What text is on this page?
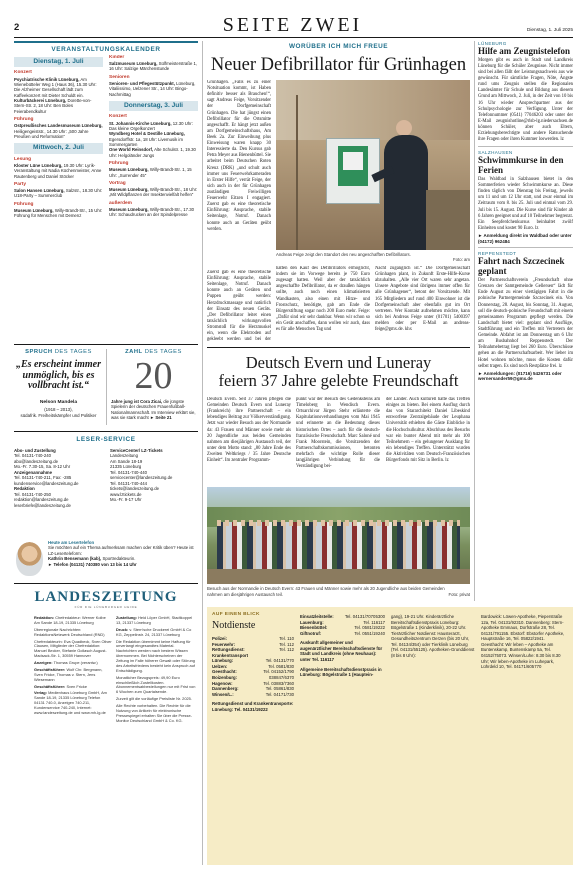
2	SEITE ZWEI	Dienstag, 1. Juli 2025
VERANSTALTUNGSKALENDER
Dienstag, 1. Juli
Konzert
Psychiatrische Klinik Lüneburg, Am Wienebütteler Weg 1 (Haus 36), 15.30 Uhr: Die Alzheimer Gesellschaft lädt zum Kaffeekonzert mit Dieter Schuldt ein.
Kulturbäckerei Lüneburg, Dorette-von-Stern-Str. 2, 18 Uhr: Ben Boles Feierabendkultur
Führung
Ostpreußisches Landesmuseum Lüneburg, Heiligengeiststr., 14.30 Uhr: „500 Jahre Preußen und Reformation“
Mittwoch, 2. Juli
Lesung
Kloster Lüne Lüneburg, 19.30 Uhr: Lyrik-Veranstaltung mit Nadia Küchenmeister, Anne Rautenberg und Daniel Stöcker
Party
Salon Hansen Lüneburg, Salzstr., 18.30 Uhr: U18-Party – Summerclub
Führung
Museum Lüneburg, Willy-Brandt-Str., 15 Uhr: Führung für Menschen mit Demenz
Kinder
Salzmuseum Lüneburg, Sülfmeisterstraße 1, 16 Uhr: Salzige Märchenstunde
Senioren
Senioren- und Pflegestützpunkt, Lüneburg, Vitaliissimo, Uelzener Str., 14 Uhr: Bingo-Nachmittag
Donnerstag, 3. Juli
Konzert
St. Johannis-Kirche Lüneburg, 12.30 Uhr: Das kleine Orgelkonzert
Wyndberg Hotel & Destille Lüneburg, Egersdorffstr. 1a, 18 Uhr: Livemusik im Sommergarten
One World Reinsdorf, Alte Schulstr. 1, 19.30 Uhr: Helgoländer Jungs
Führung
Museum Lüneburg, Willy-Brandt-Str. 1, 15 Uhr: „Surrender 45“
Vortrag
Museum Lüneburg, Willy-Brandt-Str., 18 Uhr: „Mit Wildpflanzen der Insektenvielfalt helfen“
außerdem
Museum Lüneburg, Willy-Brandt-Str., 17.30 Uhr: Schaudrucken an der Spindelpresse
SPRUCH DES TAGES
„Es erscheint immer unmöglich, bis es vollbracht ist.“
Nelson Mandela
(1918 – 2013),
südafrik. Freiheitskämpfer und Politiker
ZAHL DES TAGES
20
Jahre jung ist Cora Zicai, die jüngste Spielerin der deutschen Frauenfußball-Nationalmannschaft. Im Interview erklärt sie, was sie stark macht ► Seite 21
LESER-SERVICE
Abo- und Zustellung
Tel. 04131-740-240
abo@landeszeitung.de
Mo.-Fr. 7.30-15, Sa. 8-12 Uhr
Anzeigenannahme
Tel. 04131-740-211, Fax: -285
kundenservice@landeszeitung.de
Redaktion
Tel. 04131-740-250
redaktion@landeszeitung.de
leserbriefe@landeszeitung.de
ServiceCenter/ LZ-Tickets
Landeszeitung
Am Sande 18-19
21335 Lüneburg
Tel. 04131-740-440
servicecenter@landeszeitung.de
Tel. 04131-740-444
tickets@landeszeitung.de
www.lztickets.de
Mo.-Fr. 9-17 Uhr
Heute am Lesertelefon
Sie möchten auf ein Thema aufmerksam machen oder Kritik üben? Heute ist LZ-Leserteleform:
Kathrin Bensemann (kab), Sportredakteurin.
► Telefon (04131) 740380 von 13 bis 14 Uhr
LANDESZEITUNG
FÜR DIE LÜNEBURGER HEIDE
Redaktion: Chefredakteur: Werner Kolbe Am Sande 18-19, 21335 Lüneburg
Überregionale Nachrichten: RedaktionsNetzwerk Deutschland (RND)
Chefredakteurin: Eva Quadbeck, Sven Oliver Clausen, Mitglieder der Chefredaktion: Manuel Becker, Stefanie Gollasch August-Madsack-Str. 1, 30559 Hannover
Anzeigen: Thomas Grupe (verantw.)
Geschäftsführer: Wolf Chr. Bergmann, Sven Fricke, Thomas v. Stern, Jens Wiesemann
Geschäftsführer: Sven Fricke
Verlag: Medienhaus Lüneburg GmbH, Am Sande 18-19, 21335 Lüneburg Telefon 04131 740-0, Anzeigen 740-211, Kundenservice 740-240, Internet: www.landeszeitung.de und www.mh-lg.de
Zustellung: Heid Löper GmbH, Stadtkoppel 13, 21337 Lüneburg
Druck: v. Stern'sche Druckerei GmbH & Co KG, Zeppelinstr. 24, 21337 Lüneburg
Die Redaktion übernimmt keine Haftung für unverlangt eingesandtes Material. Nachrichten werden nach bestem Wissen übernommen. Bei Nichterscheinen der Zeitung im Falle höherer Gewalt oder Störung des Arbeitsfriedens besteht kein Anspruch auf Entschädigung.
Monatlicher Bezugspreis: 49,90 Euro einschließlich Zustellkosten. Abonnementsabbestellungen nur mit Frist von 6 Wochen zum Quartalsende.
Zurzeit gilt die vorläufige Preisliste Nr. 2025.
Alle Rechte vorbehalten. Die Rechte für die Nutzung von Artikeln für elektronische Pressespiegel erhalten Sie über die Presse-Monitor Deutschland GmbH & Co. KG.
WORÜBER ICH MICH FREUE
Neuer Defibrillator für Grünhagen

Grünhagen. „Falls es zu einer Notsituation kommt, ist Haben definitiv besser als Brauchen!“, sagt Andreas Feige, Vorsitzender der Dorfgemeinschaft Grünhagen. Die hat jüngst einen Defibrillator für die Ortsmitte angeschafft. Er hängt jetzt außen am Dorfgemeinschaftshaus, Am Beek 2a. Zur Einweihung plus Einweisung waren knapp 30 Interessierte da. Den Kursus gab Petra Meyer aus Bienenbüttel. Sie arbeitet beim Deutschen Roten Kreuz (DRK) „und schult auch immer uns Feuerwehrkameraden in Erster Hilfe“, verrät Feige, der sich auch in der für Grünhagen zuständigen Freiwilligen Feuerwehr Eitzen I engagiert. Zuerst gab es eine theoretische Einführung: Ansprache, stabile Seitenlage, Notruf. Danach konnte auch an Geräten geübt werden.

Andreas Feige zeigt den Standort des neu angeschafften Defibrillators.
Foto: am

Zuerst gab es eine theoretische Einführung: Ansprache, stabile Seitenlage, Notruf. Danach konnte auch an Geräten und Puppen geübt werden: Herzdruckmassage und natürlich der Einsatz des neuen Geräts. „Der Defibrillator leitet einen tatsächlich wirkungsvollen Stromstoß für die Herzmuskel ein, wenn die Elektroden auf gekleebt werden und bei der

hatten den Kauf des Defibrillators ermöglicht, indem sie im Vorwege bereits je 750 Euro zugesagt hatten. Weil aber der tatsächlich angeschaffte Defibrillator, da er draußen hängen sollte, auch noch einen klimatisierten Wandkasten, also einen mit Hitze- und Frostschutz, benötigte, gab am Ende die Bürgerstiftung sogar noch 200 Euro mehr. Feige: „Dafür sind wir sehr dankbar. Wenn wir schon so ein Gerät anschaffen, dann wollen wir auch, dass es für alle Menschen Tag und

Nacht zugänglich ist.“ Die Dorfgemeinschaft Grünhagen plant, in Zukunft Erste-Hilfe-Kurse abzuhalten. „Alle vier Ort waren sehr angetan. Unsere Angebote sind übrigens immer offen für alle Grünhagener“, betont der Vorsitzende. Mit 165 Mitgliedern auf rund 400 Einwohner ist die Dorfgemeinschaft aber ebenfalls gut im Ort vertreten. Wer Kontakt aufnehmen möchte, kann sich bei Andreas Feige unter (01701) 5400397 melden oder per E-Mail an andreas-feige@gmx.de. khx

Deutsch Evern und Luneray
feiern 37 Jahre gelebte Freundschaft

Deutsch Evern. Seit 37 Jahren pflegen die Gemeinden Deutsch Evern und Luneray (Frankreich) ihre Partnerschaft – ein lebendiges Beitrag zur Völkerverständigung. Jetzt war wieder Besuch aus der Normandie da: 43 Frauen und Männer sowie mehr als 20 Jugendliche aus beiden Gemeinden nahmen am diesjährigen Austausch teil, der unter dem Motto stand: „80 Jahre Ende des Zweiten Weltkriegs / 35 Jahre Deutsche Einheit“. Im zentraler Programm-

punkt war der Besuch des Gedenksteins am Timeloberg in Wendisch Evern. Ortsarchivar Jürgen Stehr erläuterte die Kapitulationsverhandlungen vom Mai 1945 und erinnerte an die Bedeutung dieses historischen Ortes – auch für die deutsch-französische Freundschaft. Marc Saloné und Frank Moorstein, die Vorsitzenden der Partnerschaftskommissionen, betonten mehrfach die wichtige Rolle dieser langjährigen Verbindung für die Verständigung bei-

der Länder. Auch kulturell hatte das Treffen einiges zu bieten. Bei einem Ausflug durch das von Stararchitekt Daniel Libeskind entworfene Zentralgebäude der Leuphana Universität erhielten die Gäste Einblicke in die Hochschulkultur. Abschluss des Besuchs war ein bunter Abend mit mehr als 100 Teilnehmern – ein gelungener Ausklang für ein lebendiges Treffen. Unterstützt wurden die Aktivitäten vom Deutsch-Französischen Bürgerfonds mit Sitz in Berlin. lz

Besuch aus der Normandie in Deutsch Evern: 43 Frauen und Männer sowie mehr als 20 Jugendliche aus beiden Gemeinden nahmen am diesjährigen Austausch teil.	Foto: privat
LÜNEBURG
Hilfe am Zeugnistelefon
Morgen gibt es auch in Stadt und Landkreis Lüneburg für die Schüler Zeugnisse. Nicht immer sind bei allen fällt der Leistungsnachweis aus wie gewünscht. Für sämtliche Fragen, Nöte, Ängste rund ums Zeugnis stellen die Regionalen Landesämter für Schule und Bildung aus diesem Grund am Mittwoch, 2. Juli, in der Zeit von 10 bis 16 Uhr wieder Ansprechpartner aus der Schulpsychologie zur Verfügung. Unter der Telefonnummer (0541) 77046203 oder unter der E-Mail zeugnishotline@rlsb-lg.niedersachsen.de können Schüler, aber auch Eltern, Erziehungsberechtigte und andere Ratsuchende ihre Fragen oder ihren Kummer loswerden. lz
SALZHAUSEN
Schwimmkurse in den Ferien
Das Waldbad in Salzhausen bietet in den Sommerferien wieder Schwimmkurse an. Diese finden täglich von Dienstag bis Freitag, jeweils um 11 und um 12 Uhr statt, und zwar einmal im Zeitraum vom 8. bis 25. Juli und einmal vom 29. Juli bis 15. August. Die Kurse sind für Kinder ab 6 Jahren geeignet und auf 10 Teilnehmer begrenzt. Ein Seepferdchenkursus beinhaltet zwölf Einheiten und kostet 90 Euro. lz
► Anmeldung direkt im Waldbad oder unter (04172) 962484
REPPENSTEDT
Fahrt nach Szczecinek geplant
Der Partnerschaftsverein „Freundschaft ohne Grenzen der Samtgemeinde Gellersen“ lädt für Ende August zu einer viertägigen Fahrt in die polnische Partnergemeinde Szczecinek ein. Von Donnerstag, 28. August, bis Sonntag, 31. August, soll die deutsch-polnische Freundschaft mit einem gemeinsamen Programm gepflegt werden. Die Landschaft bietet viel: geplant sind Ausflüge, Stadtführung und ein Treffen mit Vertretern der Gemeinde. Abfahrt ist am Donnerstag um 6 Uhr am Busbahnhof Reppenstedt. Der Teilnahmebetrag liegt bei 260 Euro. Überschüsse gehen an die Partnerschaftsarbeit. Wer lieber im Hotel wohnen möchte, muss die Kosten dafür selbst tragen. Es sind noch Restplätze frei. lz
► Anmeldungen: (01716) 5426731 oder wernersander59@gmx.de
AUF EINEN BLICK
Notdienste
Polizei:	Tel. 110
Feuerwehr:	Tel. 112
Rettungsdienst:	Tel. 112
Krankentransport
Lüneburg:	Tel. 04131/770
Uelzen:	Tel. 0581/830
Geesthacht:	Tel. 04152/1790
Boizenburg:	038847/6370
Hagenow:	Tel. 03883/7360
Dannenberg:	Tel. 05861/830
Winsen/L.:	Tel. 04171/730
Rettungsdienst und Krankentransporte: Lüneburg: Tel. 04131/19222
Einsatzleitstelle:	Tel. 04131/70705300
Lauenburg:	Tel. 116117
Bienenbüttel:	Tel. 0581/19222
Giftnotruf:	Tel. 0551/19240
Auskunft allgemeiner und augenärztlicher Bereitschaftsdienste für Stadt und Landkreis (ohne Neuhaus): unter Tel. 116117
Allgemeine Bereitschaftsdienstpraxis in Lüneburg: Bögelstraße 1 (Hauptein-
gang), 19-21 Uhr. Kinderärztliche Bereitschaftsdienstpraxis Lüneburg: Bögelstraße 1 (Kinderklinik), 20-22 Uhr. Tierärztlicher Notdienst: Hausterarzt, Gesundheitszentrum Oerzen (bis 20 Uhr, Tel. 04134/354) oder Tierklinik Lüneburg (Tel. 04131/55125). Apotheken-Grunddienst (8 bis 8 Uhr):
Bardowick: Löwen-Apotheke, Pieperstraße 12a, Tel. 04131/92310. Dannenberg: Stern-Apotheke Emmaus, Dorfstraße 28, Tel. 04131/791155. Ebstorf: Ebstorfer Apotheke, Hauptstraße 16, Tel. 05822/1941. Geesthacht: Wir leben – Apotheke am Buntenskamp, Buntenskamp 5a, Tel. 04152/75073. Winsen/Luhe: 8.30 bis 8.30 Uhr; Wir leben-Apotheke im Luhepark, Lührdeld 10, Tel. 04171/605770
